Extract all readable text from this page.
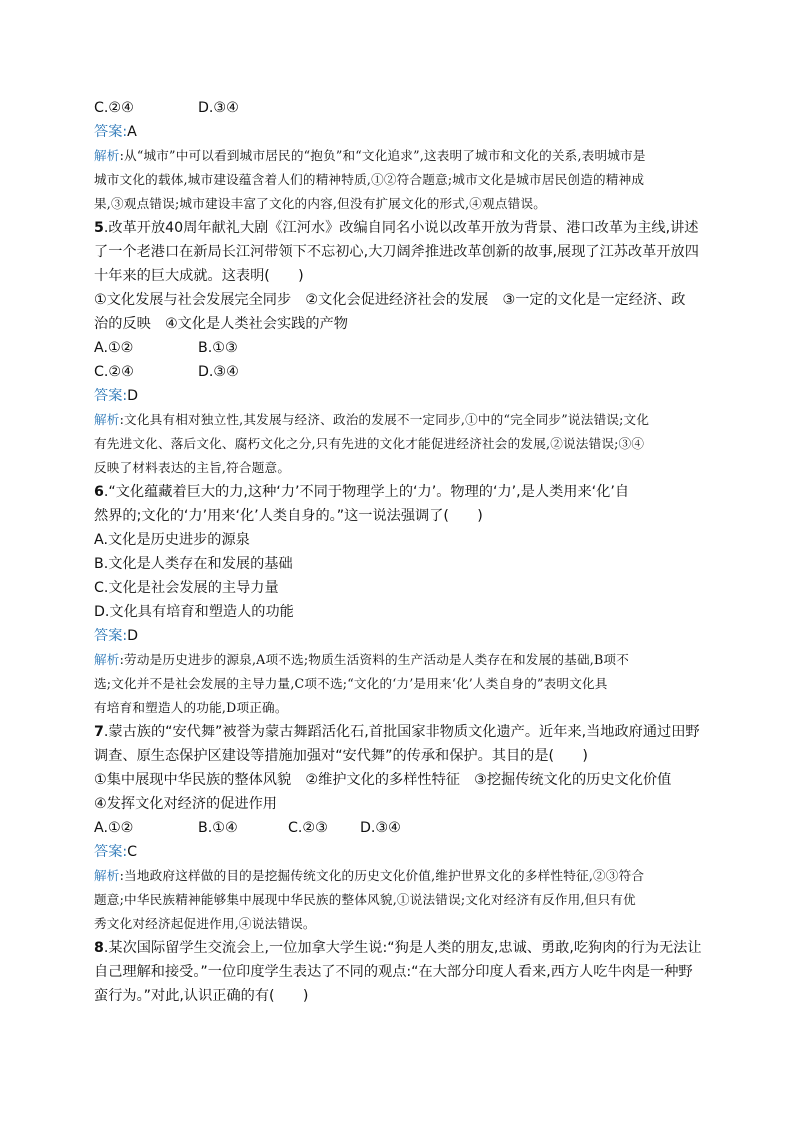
C.②④	D.③④
答案:A
解析:从“城市”中可以看到城市居民的“抱负”和“文化追求”,这表明了城市和文化的关系,表明城市是
城市文化的载体,城市建设蕴含着人们的精神特质,①②符合题意;城市文化是城市居民创造的精神成
果,③观点错误;城市建设丰富了文化的内容,但没有扩展文化的形式,④观点错误。
5.改革开放40周年献礼大剧《江河水》改编自同名小说以改革开放为背景、港口改革为主线,讲述
了一个老港口在新局长江河带领下不忘初心,大刀阔斧推进改革创新的故事,展现了江苏改革开放四
十年来的巨大成就。这表明(　　)
①文化发展与社会发展完全同步　②文化会促进经济社会的发展　③一定的文化是一定经济、政
治的反映　④文化是人类社会实践的产物
A.①②	B.①③
C.②④	D.③④
答案:D
解析:文化具有相对独立性,其发展与经济、政治的发展不一定同步,①中的“完全同步”说法错误;文化
有先进文化、落后文化、腐朽文化之分,只有先进的文化才能促进经济社会的发展,②说法错误;③④
反映了材料表达的主旨,符合题意。
6.“文化蕴藏着巨大的力,这种‘力’不同于物理学上的‘力’。物理的‘力’,是人类用来‘化’自
然界的;文化的‘力’用来‘化’人类自身的。”这一说法强调了(　　)
A.文化是历史进步的源泉
B.文化是人类存在和发展的基础
C.文化是社会发展的主导力量
D.文化具有培育和塑造人的功能
答案:D
解析:劳动是历史进步的源泉,A项不选;物质生活资料的生产活动是人类存在和发展的基础,B项不
选;文化并不是社会发展的主导力量,C项不选;“文化的‘力’是用来‘化’人类自身的”表明文化具
有培育和塑造人的功能,D项正确。
7.蒙古族的“安代舞”被誉为蒙古舞蹈活化石,首批国家非物质文化遗产。近年来,当地政府通过田野
调查、原生态保护区建设等措施加强对“安代舞”的传承和保护。其目的是(　　)
①集中展现中华民族的整体风貌　②维护文化的多样性特征　③挖掘传统文化的历史文化价值
④发挥文化对经济的促进作用
A.①②	B.①④	C.②③	D.③④
答案:C
解析:当地政府这样做的目的是挖掘传统文化的历史文化价值,维护世界文化的多样性特征,②③符合
题意;中华民族精神能够集中展现中华民族的整体风貌,①说法错误;文化对经济有反作用,但只有优
秀文化对经济起促进作用,④说法错误。
8.某次国际留学生交流会上,一位加拿大学生说:“狗是人类的朋友,忠诚、勇敢,吃狗肉的行为无法让
自己理解和接受。”一位印度学生表达了不同的观点:“在大部分印度人看来,西方人吃牛肉是一种野
蛮行为。”对此,认识正确的有(　　)
